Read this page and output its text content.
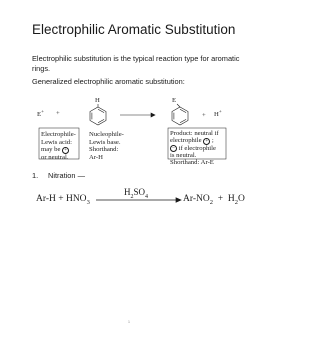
Electrophilic Aromatic Substitution

Electrophilic substitution is the typical reaction type for aromatic rings.

Generalized electrophilic aromatic substitution:

E+ +
H	E
+ H+
Electrophile-
Lewis acid:
may be +
or neutral.
Nucleophile-
Lewis base.
Shorthand:
Ar-H
Product: neutral if
electrophile + ;
– if electrophile
is neutral.
Shorthand: Ar-E
1. Nitration —
$Ar-H + HNO_3$
$H_2SO_4$	$Ar-NO_2 + H_2O$
1
